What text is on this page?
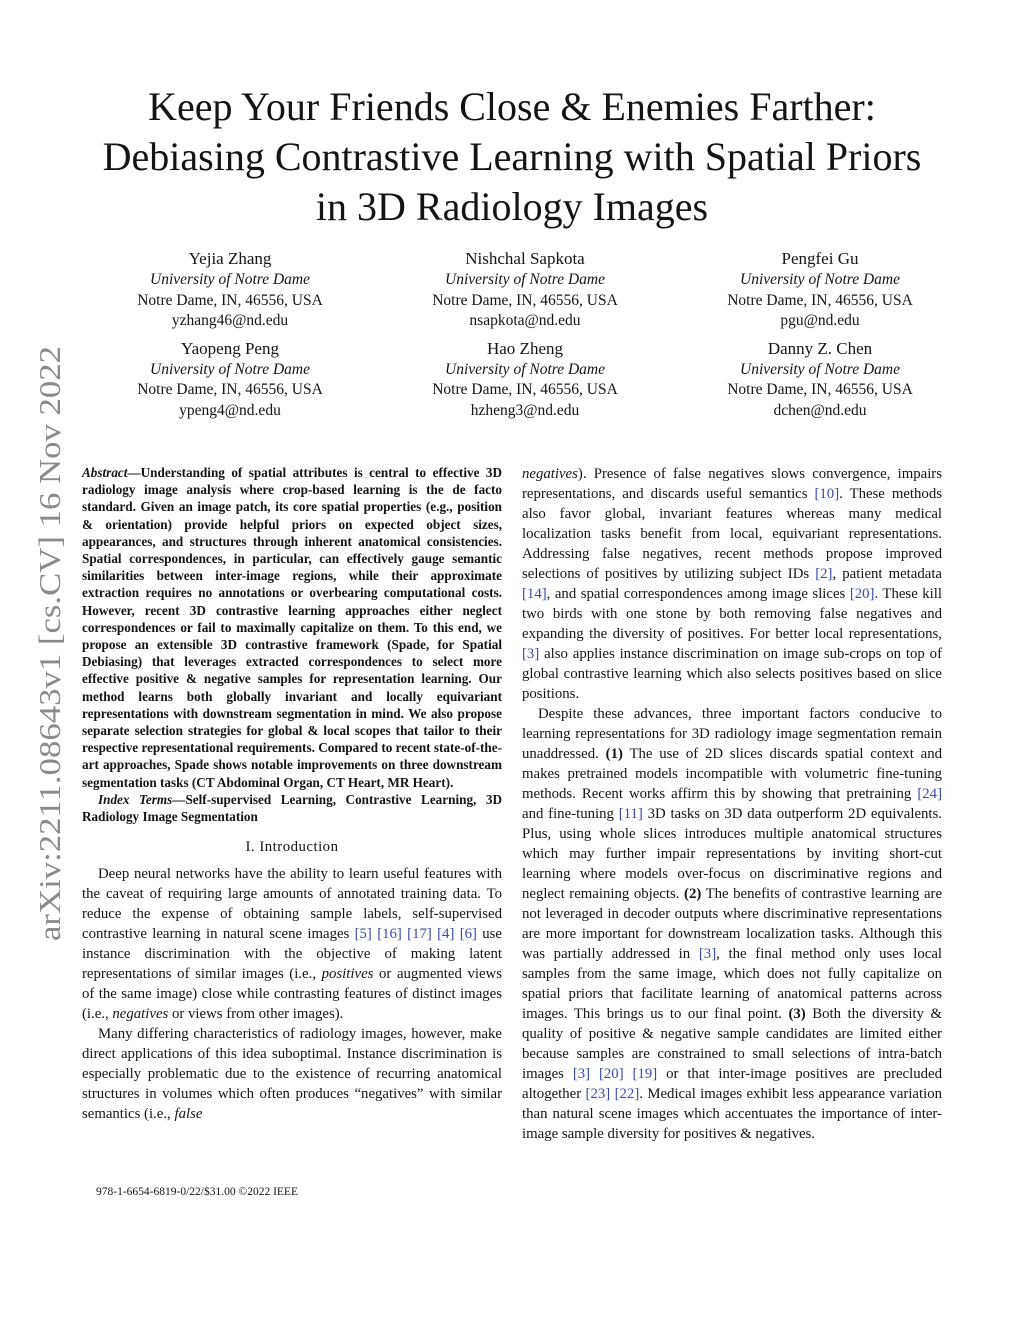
arXiv:2211.08643v1 [cs.CV] 16 Nov 2022
Keep Your Friends Close & Enemies Farther:
Debiasing Contrastive Learning with Spatial Priors
in 3D Radiology Images
Yejia Zhang
University of Notre Dame
Notre Dame, IN, 46556, USA
yzhang46@nd.edu
Nishchal Sapkota
University of Notre Dame
Notre Dame, IN, 46556, USA
nsapkota@nd.edu
Pengfei Gu
University of Notre Dame
Notre Dame, IN, 46556, USA
pgu@nd.edu
Yaopeng Peng
University of Notre Dame
Notre Dame, IN, 46556, USA
ypeng4@nd.edu
Hao Zheng
University of Notre Dame
Notre Dame, IN, 46556, USA
hzheng3@nd.edu
Danny Z. Chen
University of Notre Dame
Notre Dame, IN, 46556, USA
dchen@nd.edu

Abstract—Understanding of spatial attributes is central to effective 3D radiology image analysis where crop-based learning is the de facto standard. Given an image patch, its core spatial properties (e.g., position & orientation) provide helpful priors on expected object sizes, appearances, and structures through inherent anatomical consistencies. Spatial correspondences, in particular, can effectively gauge semantic similarities between inter-image regions, while their approximate extraction requires no annotations or overbearing computational costs. However, recent 3D contrastive learning approaches either neglect correspondences or fail to maximally capitalize on them. To this end, we propose an extensible 3D contrastive framework (Spade, for Spatial Debiasing) that leverages extracted correspondences to select more effective positive & negative samples for representation learning. Our method learns both globally invariant and locally equivariant representations with downstream segmentation in mind. We also propose separate selection strategies for global & local scopes that tailor to their respective representational requirements. Compared to recent state-of-the-art approaches, Spade shows notable improvements on three downstream segmentation tasks (CT Abdominal Organ, CT Heart, MR Heart).

Index Terms—Self-supervised Learning, Contrastive Learning, 3D Radiology Image Segmentation

I. Introduction

Deep neural networks have the ability to learn useful features with the caveat of requiring large amounts of annotated training data. To reduce the expense of obtaining sample labels, self-supervised contrastive learning in natural scene images [5] [16] [17] [4] [6] use instance discrimination with the objective of making latent representations of similar images (i.e., positives or augmented views of the same image) close while contrasting features of distinct images (i.e., negatives or views from other images).

Many differing characteristics of radiology images, however, make direct applications of this idea suboptimal. Instance discrimination is especially problematic due to the existence of recurring anatomical structures in volumes which often produces “negatives” with similar semantics (i.e., false

negatives). Presence of false negatives slows convergence, impairs representations, and discards useful semantics [10]. These methods also favor global, invariant features whereas many medical localization tasks benefit from local, equivariant representations. Addressing false negatives, recent methods propose improved selections of positives by utilizing subject IDs [2], patient metadata [14], and spatial correspondences among image slices [20]. These kill two birds with one stone by both removing false negatives and expanding the diversity of positives. For better local representations, [3] also applies instance discrimination on image sub-crops on top of global contrastive learning which also selects positives based on slice positions.

Despite these advances, three important factors conducive to learning representations for 3D radiology image segmentation remain unaddressed. (1) The use of 2D slices discards spatial context and makes pretrained models incompatible with volumetric fine-tuning methods. Recent works affirm this by showing that pretraining [24] and fine-tuning [11] 3D tasks on 3D data outperform 2D equivalents. Plus, using whole slices introduces multiple anatomical structures which may further impair representations by inviting short-cut learning where models over-focus on discriminative regions and neglect remaining objects. (2) The benefits of contrastive learning are not leveraged in decoder outputs where discriminative representations are more important for downstream localization tasks. Although this was partially addressed in [3], the final method only uses local samples from the same image, which does not fully capitalize on spatial priors that facilitate learning of anatomical patterns across images. This brings us to our final point. (3) Both the diversity & quality of positive & negative sample candidates are limited either because samples are constrained to small selections of intra-batch images [3] [20] [19] or that inter-image positives are precluded altogether [23] [22]. Medical images exhibit less appearance variation than natural scene images which accentuates the importance of inter-image sample diversity for positives & negatives.

978-1-6654-6819-0/22/$31.00 ©2022 IEEE
